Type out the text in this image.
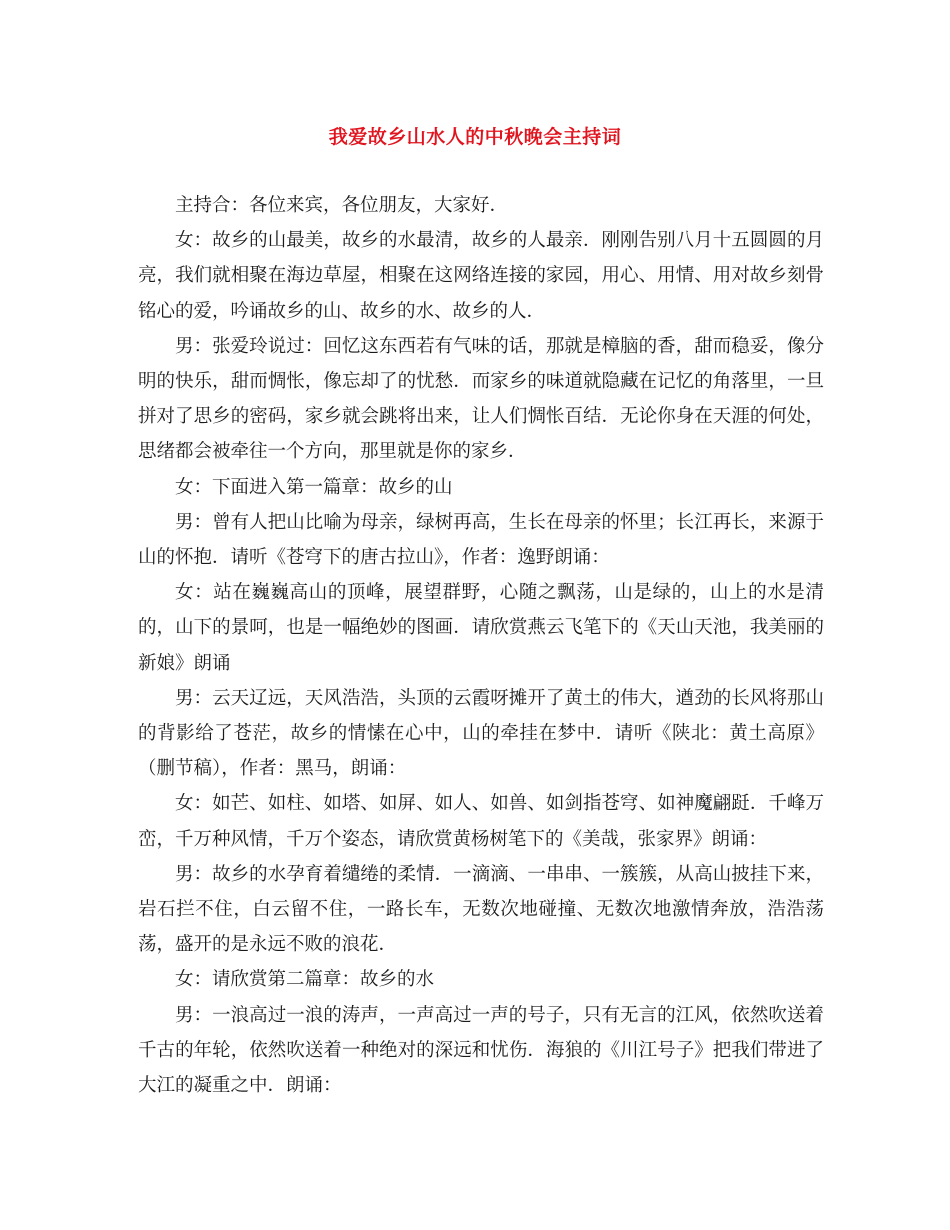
我爱故乡山水人的中秋晚会主持词

主持合：各位来宾，各位朋友，大家好．

女：故乡的山最美，故乡的水最清，故乡的人最亲．刚刚告别八月十五圆圆的月亮，我们就相聚在海边草屋，相聚在这网络连接的家园，用心、用情、用对故乡刻骨铭心的爱，吟诵故乡的山、故乡的水、故乡的人．

男：张爱玲说过：回忆这东西若有气味的话，那就是樟脑的香，甜而稳妥，像分明的快乐，甜而惆怅，像忘却了的忧愁．而家乡的味道就隐藏在记忆的角落里，一旦拼对了思乡的密码，家乡就会跳将出来，让人们惆怅百结．无论你身在天涯的何处，思绪都会被牵往一个方向，那里就是你的家乡．

女：下面进入第一篇章：故乡的山

男：曾有人把山比喻为母亲，绿树再高，生长在母亲的怀里；长江再长，来源于山的怀抱．请听《苍穹下的唐古拉山》，作者：逸野朗诵：

女：站在巍巍高山的顶峰，展望群野，心随之飘荡，山是绿的，山上的水是清的，山下的景呵，也是一幅绝妙的图画．请欣赏燕云飞笔下的《天山天池，我美丽的新娘》朗诵

男：云天辽远，天风浩浩，头顶的云霞呀摊开了黄土的伟大，遒劲的长风将那山的背影给了苍茫，故乡的情愫在心中，山的牵挂在梦中．请听《陕北：黄土高原》（删节稿），作者：黑马，朗诵：

女：如芒、如柱、如塔、如屏、如人、如兽、如剑指苍穹、如神魔翩跹．千峰万峦，千万种风情，千万个姿态，请欣赏黄杨树笔下的《美哉，张家界》朗诵：

男：故乡的水孕育着缱绻的柔情．一滴滴、一串串、一簇簇，从高山披挂下来，岩石拦不住，白云留不住，一路长车，无数次地碰撞、无数次地激情奔放，浩浩荡荡，盛开的是永远不败的浪花．

女：请欣赏第二篇章：故乡的水

男：一浪高过一浪的涛声，一声高过一声的号子，只有无言的江风，依然吹送着千古的年轮，依然吹送着一种绝对的深远和忧伤．海狼的《川江号子》把我们带进了大江的凝重之中．朗诵：
